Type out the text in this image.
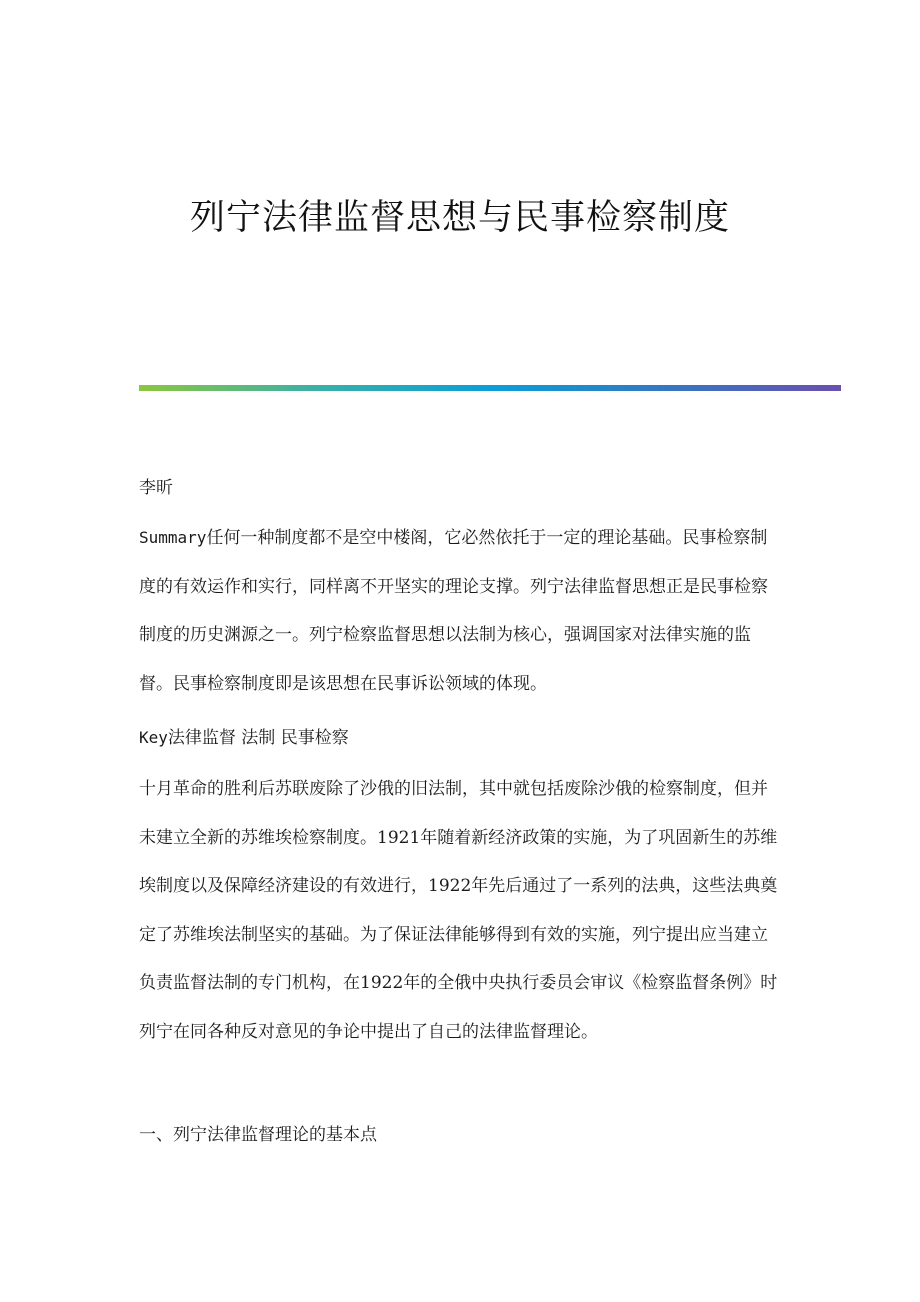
列宁法律监督思想与民事检察制度

李昕

Summary任何一种制度都不是空中楼阁，它必然依托于一定的理论基础。民事检察制度的有效运作和实行，同样离不开坚实的理论支撑。列宁法律监督思想正是民事检察制度的历史渊源之一。列宁检察监督思想以法制为核心，强调国家对法律实施的监督。民事检察制度即是该思想在民事诉讼领域的体现。

Key法律监督 法制 民事检察

十月革命的胜利后苏联废除了沙俄的旧法制，其中就包括废除沙俄的检察制度，但并未建立全新的苏维埃检察制度。1921年随着新经济政策的实施，为了巩固新生的苏维埃制度以及保障经济建设的有效进行，1922年先后通过了一系列的法典，这些法典奠定了苏维埃法制坚实的基础。为了保证法律能够得到有效的实施，列宁提出应当建立负责监督法制的专门机构，在1922年的全俄中央执行委员会审议《检察监督条例》时列宁在同各种反对意见的争论中提出了自己的法律监督理论。

一、列宁法律监督理论的基本点
